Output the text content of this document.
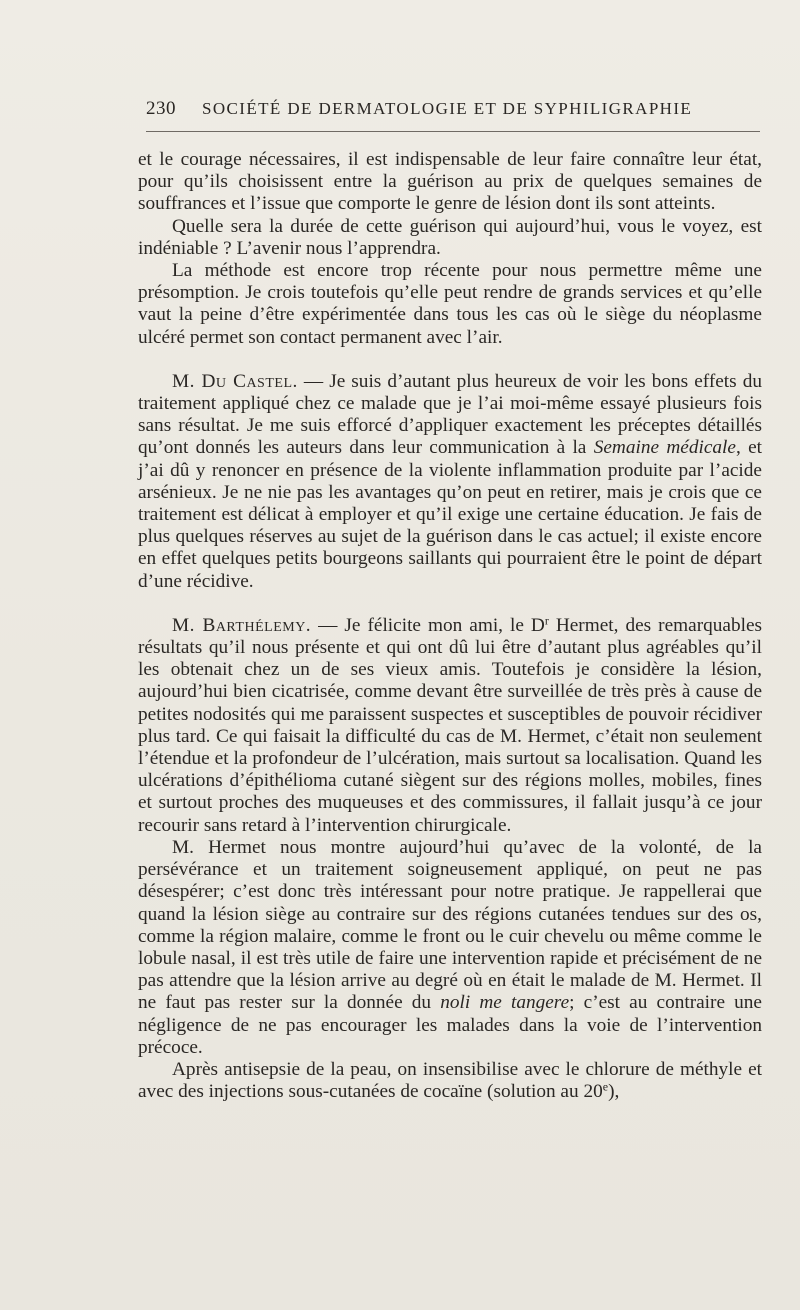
230 SOCIÉTÉ DE DERMATOLOGIE ET DE SYPHILIGRAPHIE

et le courage nécessaires, il est indispensable de leur faire connaître leur état, pour qu’ils choisissent entre la guérison au prix de quelques semaines de souffrances et l’issue que comporte le genre de lésion dont ils sont atteints.

Quelle sera la durée de cette guérison qui aujourd’hui, vous le voyez, est indéniable ? L’avenir nous l’apprendra.

La méthode est encore trop récente pour nous permettre même une présomption. Je crois toutefois qu’elle peut rendre de grands services et qu’elle vaut la peine d’être expérimentée dans tous les cas où le siège du néoplasme ulcéré permet son contact permanent avec l’air.

M. Du Castel. — Je suis d’autant plus heureux de voir les bons effets du traitement appliqué chez ce malade que je l’ai moi-même essayé plusieurs fois sans résultat. Je me suis efforcé d’appliquer exactement les préceptes détaillés qu’ont donnés les auteurs dans leur communication à la Semaine médicale, et j’ai dû y renoncer en présence de la violente inflammation produite par l’acide arsénieux. Je ne nie pas les avantages qu’on peut en retirer, mais je crois que ce traitement est délicat à employer et qu’il exige une certaine éducation. Je fais de plus quelques réserves au sujet de la guérison dans le cas actuel; il existe encore en effet quelques petits bourgeons saillants qui pourraient être le point de départ d’une récidive.

M. Barthélemy. — Je félicite mon ami, le $D^r$ Hermet, des remarquables résultats qu’il nous présente et qui ont dû lui être d’autant plus agréables qu’il les obtenait chez un de ses vieux amis. Toutefois je considère la lésion, aujourd’hui bien cicatrisée, comme devant être surveillée de très près à cause de petites nodosités qui me paraissent suspectes et susceptibles de pouvoir récidiver plus tard. Ce qui faisait la difficulté du cas de M. Hermet, c’était non seulement l’étendue et la profondeur de l’ulcération, mais surtout sa localisation. Quand les ulcérations d’épithélioma cutané siègent sur des régions molles, mobiles, fines et surtout proches des muqueuses et des commissures, il fallait jusqu’à ce jour recourir sans retard à l’intervention chirurgicale.

M. Hermet nous montre aujourd’hui qu’avec de la volonté, de la persévérance et un traitement soigneusement appliqué, on peut ne pas désespérer; c’est donc très intéressant pour notre pratique. Je rappellerai que quand la lésion siège au contraire sur des régions cutanées tendues sur des os, comme la région malaire, comme le front ou le cuir chevelu ou même comme le lobule nasal, il est très utile de faire une intervention rapide et précisément de ne pas attendre que la lésion arrive au degré où en était le malade de M. Hermet. Il ne faut pas rester sur la donnée du noli me tangere; c’est au contraire une négligence de ne pas encourager les malades dans la voie de l’intervention précoce.

Après antisepsie de la peau, on insensibilise avec le chlorure de méthyle et avec des injections sous-cutanées de cocaïne (solution au 20e),
